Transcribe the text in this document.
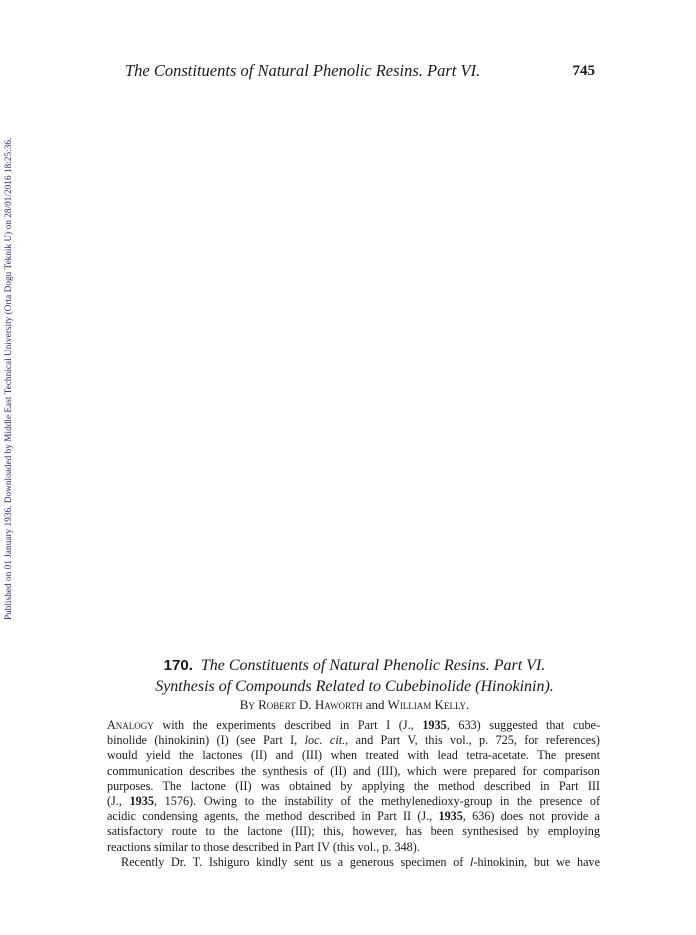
Published on 01 January 1936. Downloaded by Middle East Technical University (Orta Dogu Teknik U) on 28/01/2016 18:25:36.
The Constituents of Natural Phenolic Resins. Part VI.	745
170. The Constituents of Natural Phenolic Resins. Part VI.
Synthesis of Compounds Related to Cubebinolide (Hinokinin).
By Robert D. Haworth and William Kelly.
Analogy with the experiments described in Part I (J., 1935, 633) suggested that cube-
binolide (hinokinin) (I) (see Part I, loc. cit., and Part V, this vol., p. 725, for references)
would yield the lactones (II) and (III) when treated with lead tetra-acetate. The present
communication describes the synthesis of (II) and (III), which were prepared for comparison
purposes. The lactone (II) was obtained by applying the method described in Part III
(J., 1935, 1576). Owing to the instability of the methylenedioxy-group in the presence of
acidic condensing agents, the method described in Part II (J., 1935, 636) does not provide a
satisfactory route to the lactone (III); this, however, has been synthesised by employing
reactions similar to those described in Part IV (this vol., p. 348).
Recently Dr. T. Ishiguro kindly sent us a generous specimen of l-hinokinin, but we have
